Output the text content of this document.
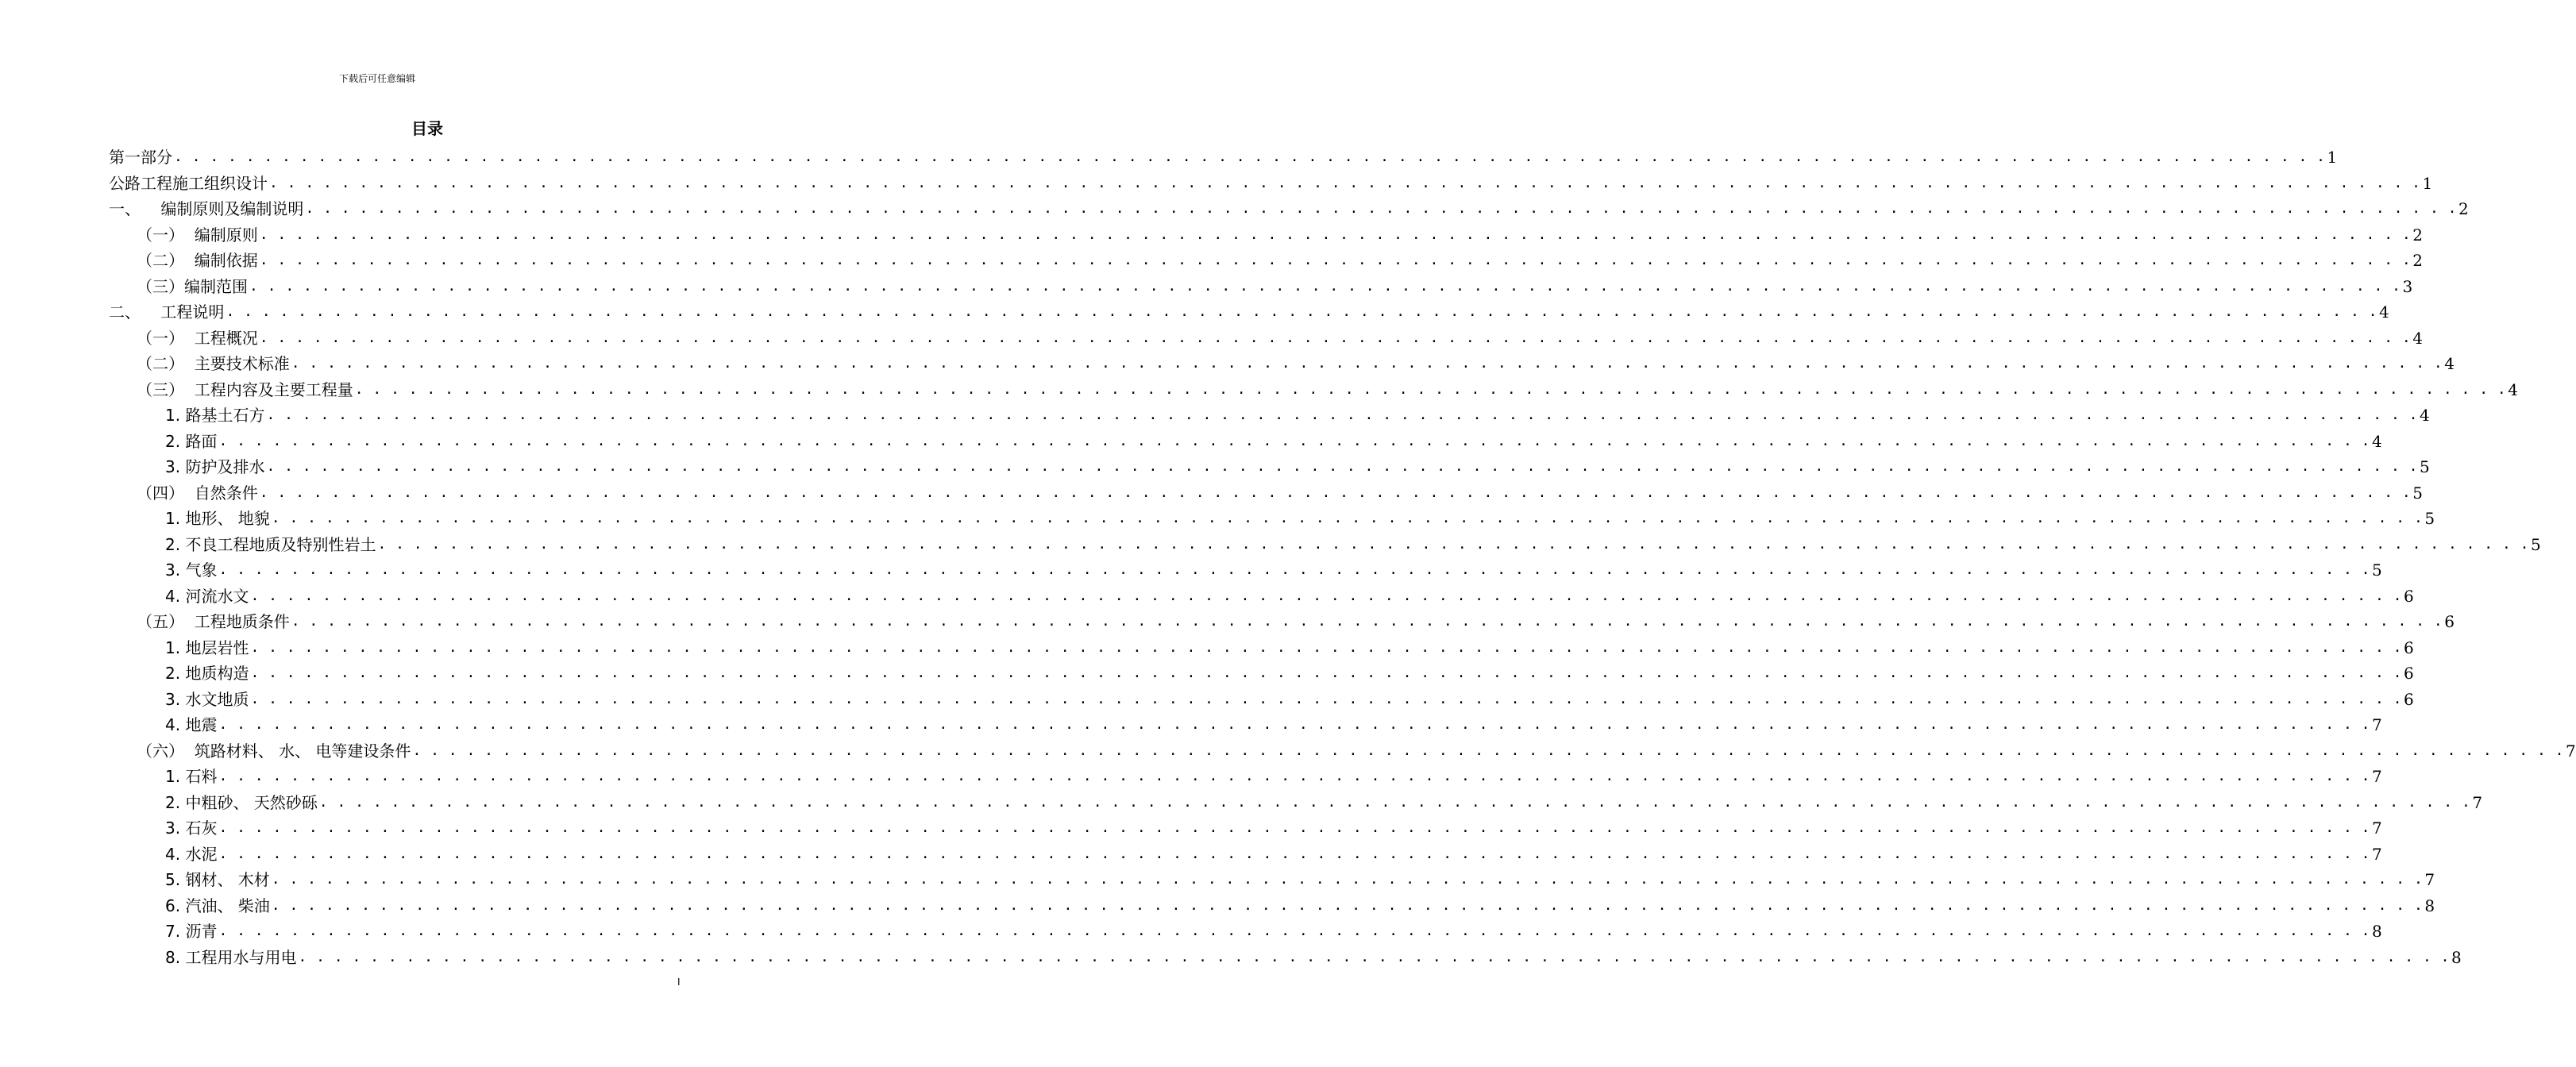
下载后可任意编辑
目录
第一部分 . . . . . . . . . . . . . . . . . . . . . . . . . . . . . . . . . . . . . . . . . . . . . . . . . . . . . . . . . . . . . . . . . . . . . . . . . . . . . . . . . . . . . . . . . . . . . . . . . . . . . . . . . . . . . . . . . . . . . . . . 1
公路工程施工组织设计 . . . . . . . . . . . . . . . . . . . . . . . . . . . . . . . . . . . . . . . . . . . . . . . . . . . . . . . . . . . . . . . . . . . . . . . . . . . . . . . . . . . . . . . . . . . . . . . . . . . . . . . . . . . . . . . . . . . . . . . . 1
一、    编制原则及编制说明 . . . . . . . . . . . . . . . . . . . . . . . . . . . . . . . . . . . . . . . . . . . . . . . . . . . . . . . . . . . . . . . . . . . . . . . . . . . . . . . . . . . . . . . . . . . . . . . . . . . . . . . . . . . . . . . . . . . . . . . . 2
（一）  编制原则 . . . . . . . . . . . . . . . . . . . . . . . . . . . . . . . . . . . . . . . . . . . . . . . . . . . . . . . . . . . . . . . . . . . . . . . . . . . . . . . . . . . . . . . . . . . . . . . . . . . . . . . . . . . . . . . . . . . . . . . . 2
（二）  编制依据 . . . . . . . . . . . . . . . . . . . . . . . . . . . . . . . . . . . . . . . . . . . . . . . . . . . . . . . . . . . . . . . . . . . . . . . . . . . . . . . . . . . . . . . . . . . . . . . . . . . . . . . . . . . . . . . . . . . . . . . . 2
（三）编制范围 . . . . . . . . . . . . . . . . . . . . . . . . . . . . . . . . . . . . . . . . . . . . . . . . . . . . . . . . . . . . . . . . . . . . . . . . . . . . . . . . . . . . . . . . . . . . . . . . . . . . . . . . . . . . . . . . . . . . . . . . 3
二、    工程说明 . . . . . . . . . . . . . . . . . . . . . . . . . . . . . . . . . . . . . . . . . . . . . . . . . . . . . . . . . . . . . . . . . . . . . . . . . . . . . . . . . . . . . . . . . . . . . . . . . . . . . . . . . . . . . . . . . . . . . . . . 4
（一）  工程概况 . . . . . . . . . . . . . . . . . . . . . . . . . . . . . . . . . . . . . . . . . . . . . . . . . . . . . . . . . . . . . . . . . . . . . . . . . . . . . . . . . . . . . . . . . . . . . . . . . . . . . . . . . . . . . . . . . . . . . . . . 4
（二）  主要技术标准 . . . . . . . . . . . . . . . . . . . . . . . . . . . . . . . . . . . . . . . . . . . . . . . . . . . . . . . . . . . . . . . . . . . . . . . . . . . . . . . . . . . . . . . . . . . . . . . . . . . . . . . . . . . . . . . . . . . . . . . . 4
（三）  工程内容及主要工程量 . . . . . . . . . . . . . . . . . . . . . . . . . . . . . . . . . . . . . . . . . . . . . . . . . . . . . . . . . . . . . . . . . . . . . . . . . . . . . . . . . . . . . . . . . . . . . . . . . . . . . . . . . . . . . . . . . . . . . . . . 4
1. 路基土石方 . . . . . . . . . . . . . . . . . . . . . . . . . . . . . . . . . . . . . . . . . . . . . . . . . . . . . . . . . . . . . . . . . . . . . . . . . . . . . . . . . . . . . . . . . . . . . . . . . . . . . . . . . . . . . . . . . . . . . . . . 4
2. 路面 . . . . . . . . . . . . . . . . . . . . . . . . . . . . . . . . . . . . . . . . . . . . . . . . . . . . . . . . . . . . . . . . . . . . . . . . . . . . . . . . . . . . . . . . . . . . . . . . . . . . . . . . . . . . . . . . . . . . . . . . 4
3. 防护及排水 . . . . . . . . . . . . . . . . . . . . . . . . . . . . . . . . . . . . . . . . . . . . . . . . . . . . . . . . . . . . . . . . . . . . . . . . . . . . . . . . . . . . . . . . . . . . . . . . . . . . . . . . . . . . . . . . . . . . . . . . 5
（四）  自然条件 . . . . . . . . . . . . . . . . . . . . . . . . . . . . . . . . . . . . . . . . . . . . . . . . . . . . . . . . . . . . . . . . . . . . . . . . . . . . . . . . . . . . . . . . . . . . . . . . . . . . . . . . . . . . . . . . . . . . . . . . 5
1. 地形、 地貌 . . . . . . . . . . . . . . . . . . . . . . . . . . . . . . . . . . . . . . . . . . . . . . . . . . . . . . . . . . . . . . . . . . . . . . . . . . . . . . . . . . . . . . . . . . . . . . . . . . . . . . . . . . . . . . . . . . . . . . . . 5
2. 不良工程地质及特别性岩土 . . . . . . . . . . . . . . . . . . . . . . . . . . . . . . . . . . . . . . . . . . . . . . . . . . . . . . . . . . . . . . . . . . . . . . . . . . . . . . . . . . . . . . . . . . . . . . . . . . . . . . . . . . . . . . . . . . . . . . . . 5
3. 气象 . . . . . . . . . . . . . . . . . . . . . . . . . . . . . . . . . . . . . . . . . . . . . . . . . . . . . . . . . . . . . . . . . . . . . . . . . . . . . . . . . . . . . . . . . . . . . . . . . . . . . . . . . . . . . . . . . . . . . . . . 5
4. 河流水文 . . . . . . . . . . . . . . . . . . . . . . . . . . . . . . . . . . . . . . . . . . . . . . . . . . . . . . . . . . . . . . . . . . . . . . . . . . . . . . . . . . . . . . . . . . . . . . . . . . . . . . . . . . . . . . . . . . . . . . . . 6
（五）  工程地质条件 . . . . . . . . . . . . . . . . . . . . . . . . . . . . . . . . . . . . . . . . . . . . . . . . . . . . . . . . . . . . . . . . . . . . . . . . . . . . . . . . . . . . . . . . . . . . . . . . . . . . . . . . . . . . . . . . . . . . . . . . 6
1. 地层岩性 . . . . . . . . . . . . . . . . . . . . . . . . . . . . . . . . . . . . . . . . . . . . . . . . . . . . . . . . . . . . . . . . . . . . . . . . . . . . . . . . . . . . . . . . . . . . . . . . . . . . . . . . . . . . . . . . . . . . . . . . 6
2. 地质构造 . . . . . . . . . . . . . . . . . . . . . . . . . . . . . . . . . . . . . . . . . . . . . . . . . . . . . . . . . . . . . . . . . . . . . . . . . . . . . . . . . . . . . . . . . . . . . . . . . . . . . . . . . . . . . . . . . . . . . . . . 6
3. 水文地质 . . . . . . . . . . . . . . . . . . . . . . . . . . . . . . . . . . . . . . . . . . . . . . . . . . . . . . . . . . . . . . . . . . . . . . . . . . . . . . . . . . . . . . . . . . . . . . . . . . . . . . . . . . . . . . . . . . . . . . . . 6
4. 地震 . . . . . . . . . . . . . . . . . . . . . . . . . . . . . . . . . . . . . . . . . . . . . . . . . . . . . . . . . . . . . . . . . . . . . . . . . . . . . . . . . . . . . . . . . . . . . . . . . . . . . . . . . . . . . . . . . . . . . . . . 7
（六）  筑路材料、 水、 电等建设条件 . . . . . . . . . . . . . . . . . . . . . . . . . . . . . . . . . . . . . . . . . . . . . . . . . . . . . . . . . . . . . . . . . . . . . . . . . . . . . . . . . . . . . . . . . . . . . . . . . . . . . . . . . . . . . . . . . . . . . . . . 7
1. 石料 . . . . . . . . . . . . . . . . . . . . . . . . . . . . . . . . . . . . . . . . . . . . . . . . . . . . . . . . . . . . . . . . . . . . . . . . . . . . . . . . . . . . . . . . . . . . . . . . . . . . . . . . . . . . . . . . . . . . . . . . 7
2. 中粗砂、 天然砂砾 . . . . . . . . . . . . . . . . . . . . . . . . . . . . . . . . . . . . . . . . . . . . . . . . . . . . . . . . . . . . . . . . . . . . . . . . . . . . . . . . . . . . . . . . . . . . . . . . . . . . . . . . . . . . . . . . . . . . . . . . 7
3. 石灰 . . . . . . . . . . . . . . . . . . . . . . . . . . . . . . . . . . . . . . . . . . . . . . . . . . . . . . . . . . . . . . . . . . . . . . . . . . . . . . . . . . . . . . . . . . . . . . . . . . . . . . . . . . . . . . . . . . . . . . . . 7
4. 水泥 . . . . . . . . . . . . . . . . . . . . . . . . . . . . . . . . . . . . . . . . . . . . . . . . . . . . . . . . . . . . . . . . . . . . . . . . . . . . . . . . . . . . . . . . . . . . . . . . . . . . . . . . . . . . . . . . . . . . . . . . 7
5. 钢材、 木材 . . . . . . . . . . . . . . . . . . . . . . . . . . . . . . . . . . . . . . . . . . . . . . . . . . . . . . . . . . . . . . . . . . . . . . . . . . . . . . . . . . . . . . . . . . . . . . . . . . . . . . . . . . . . . . . . . . . . . . . . 7
6. 汽油、 柴油 . . . . . . . . . . . . . . . . . . . . . . . . . . . . . . . . . . . . . . . . . . . . . . . . . . . . . . . . . . . . . . . . . . . . . . . . . . . . . . . . . . . . . . . . . . . . . . . . . . . . . . . . . . . . . . . . . . . . . . . . 8
7. 沥青 . . . . . . . . . . . . . . . . . . . . . . . . . . . . . . . . . . . . . . . . . . . . . . . . . . . . . . . . . . . . . . . . . . . . . . . . . . . . . . . . . . . . . . . . . . . . . . . . . . . . . . . . . . . . . . . . . . . . . . . . 8
8. 工程用水与用电 . . . . . . . . . . . . . . . . . . . . . . . . . . . . . . . . . . . . . . . . . . . . . . . . . . . . . . . . . . . . . . . . . . . . . . . . . . . . . . . . . . . . . . . . . . . . . . . . . . . . . . . . . . . . . . . . . . . . . . . . 8
I
